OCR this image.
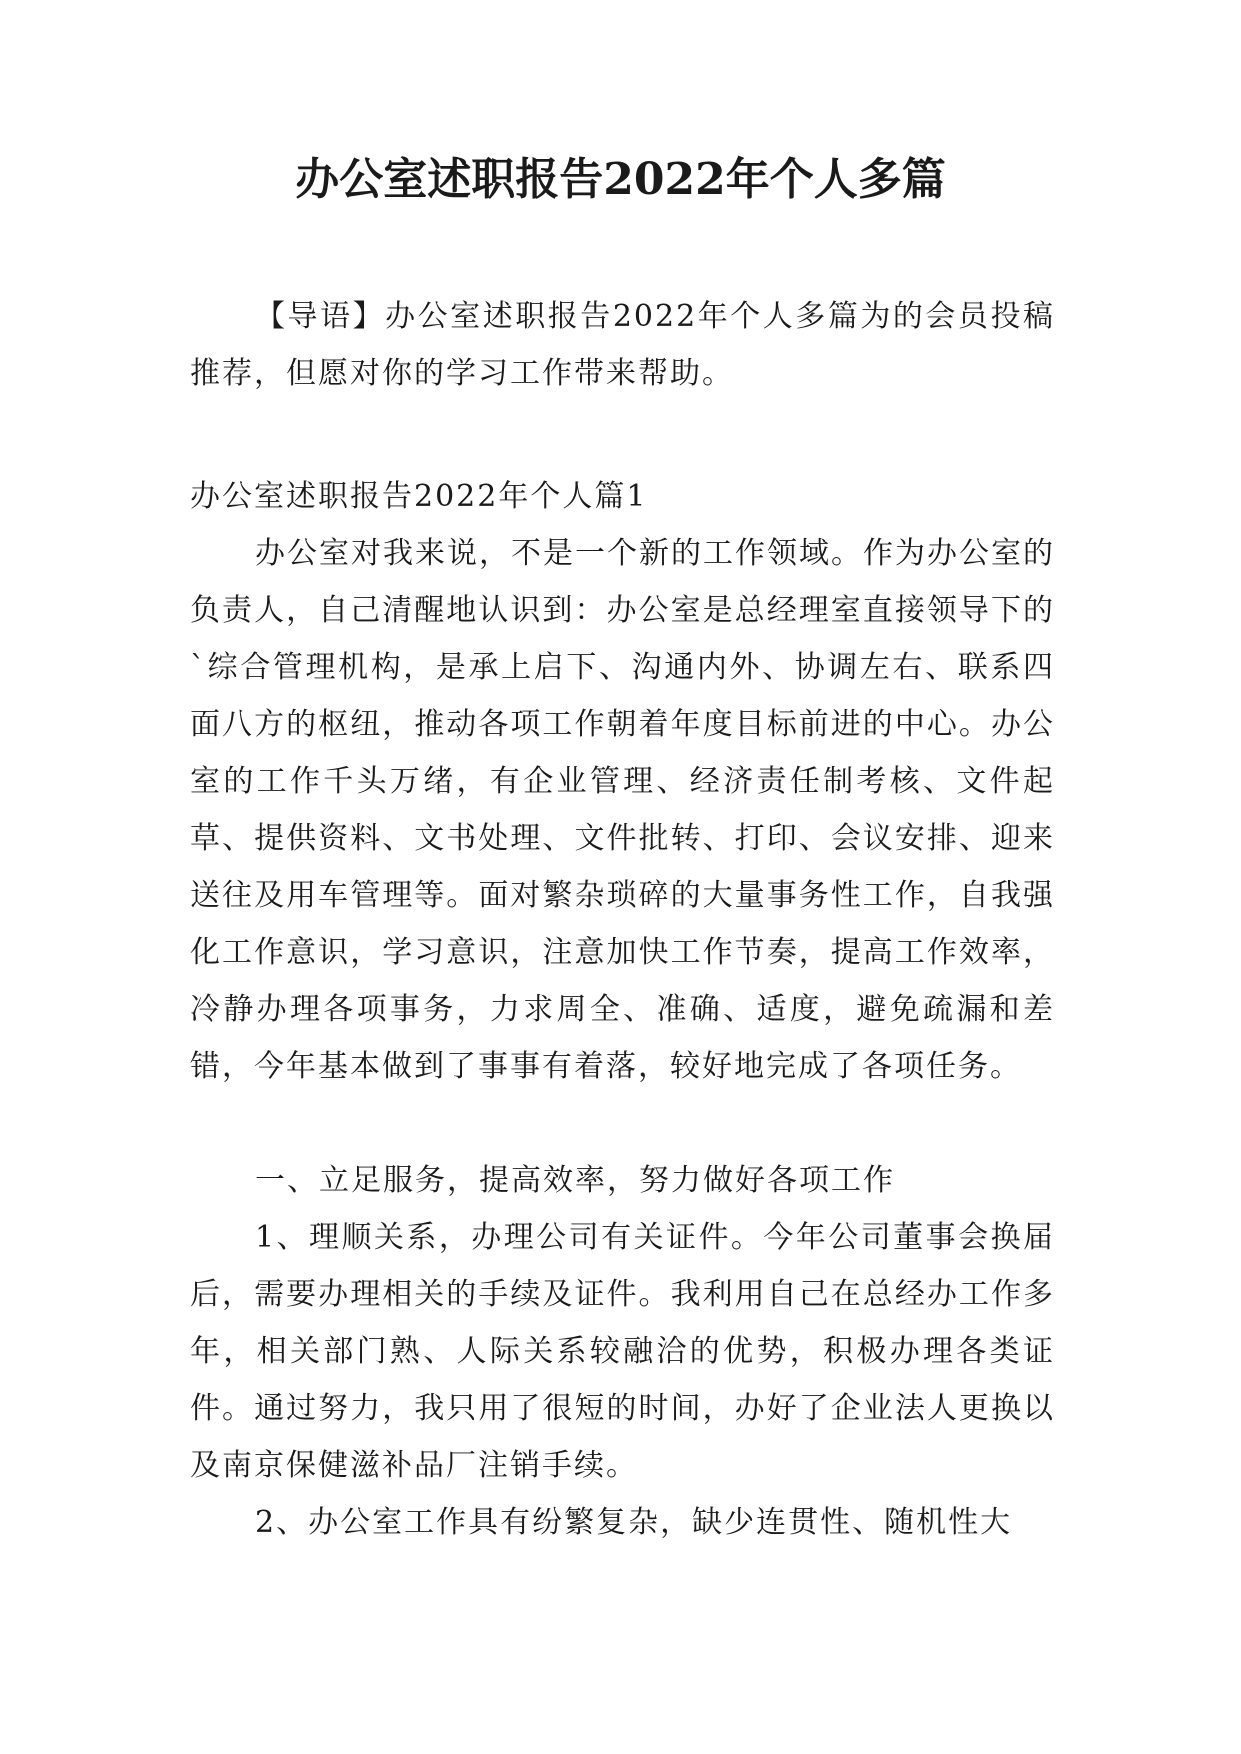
办公室述职报告2022年个人多篇

【导语】办公室述职报告2022年个人多篇为的会员投稿推荐，但愿对你的学习工作带来帮助。

办公室述职报告2022年个人篇1

办公室对我来说，不是一个新的工作领域。作为办公室的负责人，自己清醒地认识到：办公室是总经理室直接领导下的`综合管理机构，是承上启下、沟通内外、协调左右、联系四面八方的枢纽，推动各项工作朝着年度目标前进的中心。办公室的工作千头万绪，有企业管理、经济责任制考核、文件起草、提供资料、文书处理、文件批转、打印、会议安排、迎来送往及用车管理等。面对繁杂琐碎的大量事务性工作，自我强化工作意识，学习意识，注意加快工作节奏，提高工作效率，冷静办理各项事务，力求周全、准确、适度，避免疏漏和差错，今年基本做到了事事有着落，较好地完成了各项任务。

一、立足服务，提高效率，努力做好各项工作

1、理顺关系，办理公司有关证件。今年公司董事会换届后，需要办理相关的手续及证件。我利用自己在总经办工作多年，相关部门熟、人际关系较融洽的优势，积极办理各类证件。通过努力，我只用了很短的时间，办好了企业法人更换以及南京保健滋补品厂注销手续。

2、办公室工作具有纷繁复杂，缺少连贯性、随机性大
